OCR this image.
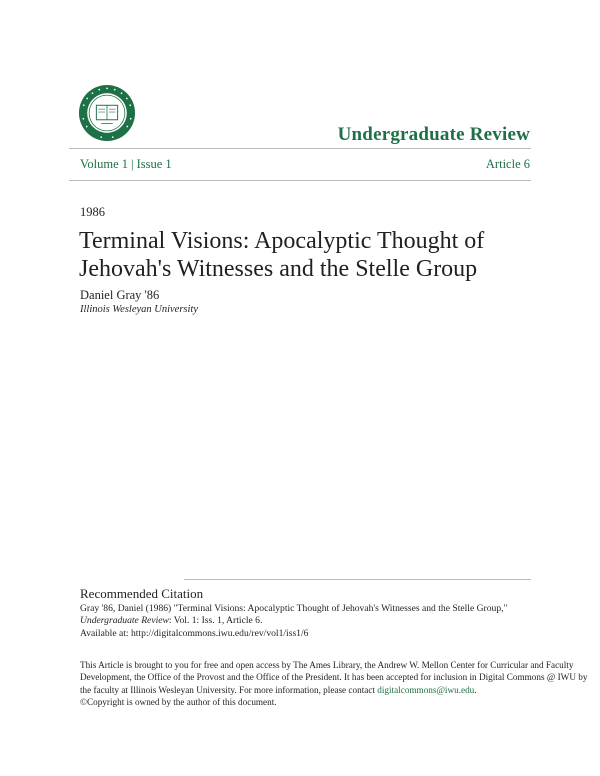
Undergraduate Review
Volume 1 | Issue 1	Article 6
1986
Terminal Visions: Apocalyptic Thought of
Jehovah's Witnesses and the Stelle Group
Daniel Gray '86
Illinois Wesleyan University
Recommended Citation
Gray '86, Daniel (1986) "Terminal Visions: Apocalyptic Thought of Jehovah's Witnesses and the Stelle Group,"
Undergraduate Review: Vol. 1: Iss. 1, Article 6.
Available at: http://digitalcommons.iwu.edu/rev/vol1/iss1/6
This Article is brought to you for free and open access by The Ames Library, the Andrew W. Mellon Center for Curricular and Faculty
Development, the Office of the Provost and the Office of the President. It has been accepted for inclusion in Digital Commons @ IWU by
the faculty at Illinois Wesleyan University. For more information, please contact digitalcommons@iwu.edu.
©Copyright is owned by the author of this document.
